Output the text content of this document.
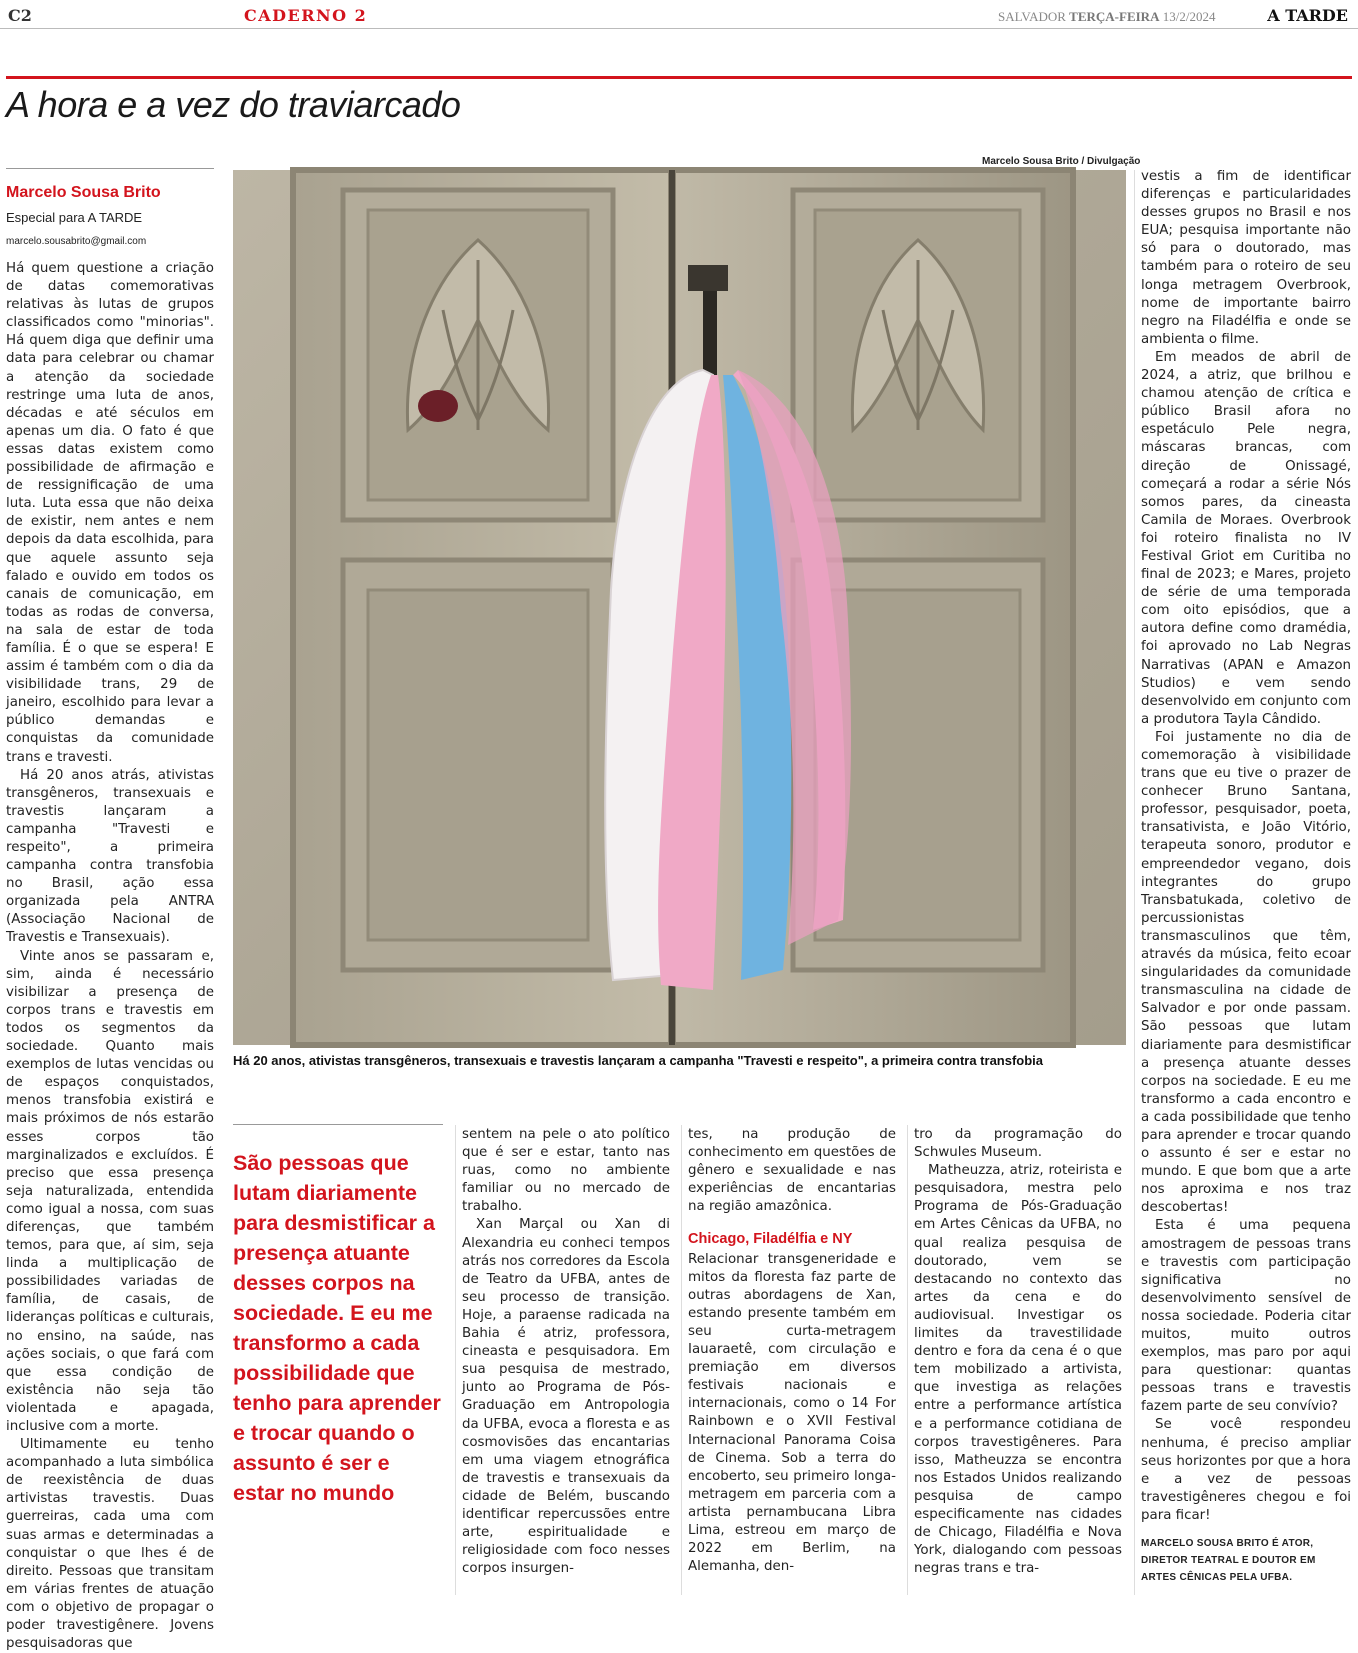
C2	CADERNO 2	SALVADOR TERÇA-FEIRA 13/2/2024	A TARDE
A hora e a vez do traviarcado
Marcelo Sousa Brito
Especial para A TARDE
marcelo.sousabrito@gmail.com

Há quem questione a criação de datas comemorativas relativas às lutas de grupos classificados como "minorias". Há quem diga que definir uma data para celebrar ou chamar a atenção da sociedade restringe uma luta de anos, décadas e até séculos em apenas um dia. O fato é que essas datas existem como possibilidade de afirmação e de ressignificação de uma luta. Luta essa que não deixa de existir, nem antes e nem depois da data escolhida, para que aquele assunto seja falado e ouvido em todos os canais de comunicação, em todas as rodas de conversa, na sala de estar de toda família. É o que se espera! E assim é também com o dia da visibilidade trans, 29 de janeiro, escolhido para levar a público demandas e conquistas da comunidade trans e travesti.

Há 20 anos atrás, ativistas transgêneros, transexuais e travestis lançaram a campanha "Travesti e respeito", a primeira campanha contra transfobia no Brasil, ação essa organizada pela ANTRA (Associação Nacional de Travestis e Transexuais).

Vinte anos se passaram e, sim, ainda é necessário visibilizar a presença de corpos trans e travestis em todos os segmentos da sociedade. Quanto mais exemplos de lutas vencidas ou de espaços conquistados, menos transfobia existirá e mais próximos de nós estarão esses corpos tão marginalizados e excluídos. É preciso que essa presença seja naturalizada, entendida como igual a nossa, com suas diferenças, que também temos, para que, aí sim, seja linda a multiplicação de possibilidades variadas de família, de casais, de lideranças políticas e culturais, no ensino, na saúde, nas ações sociais, o que fará com que essa condição de existência não seja tão violentada e apagada, inclusive com a morte.

Ultimamente eu tenho acompanhado a luta simbólica de reexistência de duas artivistas travestis. Duas guerreiras, cada uma com suas armas e determinadas a conquistar o que lhes é de direito. Pessoas que transitam em várias frentes de atuação com o objetivo de propagar o poder travestigênere. Jovens pesquisadoras que

Marcelo Sousa Brito / Divulgação
Há 20 anos, ativistas transgêneros, transexuais e travestis lançaram a campanha "Travesti e respeito", a primeira contra transfobia
São pessoas que lutam diariamente para desmistificar a presença atuante desses corpos na sociedade. E eu me transformo a cada possibilidade que tenho para aprender e trocar quando o assunto é ser e estar no mundo

sentem na pele o ato político que é ser e estar, tanto nas ruas, como no ambiente familiar ou no mercado de trabalho.

Xan Marçal ou Xan di Alexandria eu conheci tempos atrás nos corredores da Escola de Teatro da UFBA, antes de seu processo de transição. Hoje, a paraense radicada na Bahia é atriz, professora, cineasta e pesquisadora. Em sua pesquisa de mestrado, junto ao Programa de Pós-Graduação em Antropologia da UFBA, evoca a floresta e as cosmovisões das encantarias em uma viagem etnográfica de travestis e transexuais da cidade de Belém, buscando identificar repercussões entre arte, espiritualidade e religiosidade com foco nesses corpos insurgen-

tes, na produção de conhecimento em questões de gênero e sexualidade e nas experiências de encantarias na região amazônica.

Chicago, Filadélfia e NY

Relacionar transgeneridade e mitos da floresta faz parte de outras abordagens de Xan, estando presente também em seu curta-metragem Iauaraetê, com circulação e premiação em diversos festivais nacionais e internacionais, como o 14 For Rainbown e o XVII Festival Internacional Panorama Coisa de Cinema. Sob a terra do encoberto, seu primeiro longa-metragem em parceria com a artista pernambucana Libra Lima, estreou em março de 2022 em Berlim, na Alemanha, den-

tro da programação do Schwules Museum.

Matheuzza, atriz, roteirista e pesquisadora, mestra pelo Programa de Pós-Graduação em Artes Cênicas da UFBA, no qual realiza pesquisa de doutorado, vem se destacando no contexto das artes da cena e do audiovisual. Investigar os limites da travestilidade dentro e fora da cena é o que tem mobilizado a artivista, que investiga as relações entre a performance artística e a performance cotidiana de corpos travestigêneres. Para isso, Matheuzza se encontra nos Estados Unidos realizando pesquisa de campo especificamente nas cidades de Chicago, Filadélfia e Nova York, dialogando com pessoas negras trans e tra-

vestis a fim de identificar diferenças e particularidades desses grupos no Brasil e nos EUA; pesquisa importante não só para o doutorado, mas também para o roteiro de seu longa metragem Overbrook, nome de importante bairro negro na Filadélfia e onde se ambienta o filme.

Em meados de abril de 2024, a atriz, que brilhou e chamou atenção de crítica e público Brasil afora no espetáculo Pele negra, máscaras brancas, com direção de Onissagé, começará a rodar a série Nós somos pares, da cineasta Camila de Moraes. Overbrook foi roteiro finalista no IV Festival Griot em Curitiba no final de 2023; e Mares, projeto de série de uma temporada com oito episódios, que a autora define como dramédia, foi aprovado no Lab Negras Narrativas (APAN e Amazon Studios) e vem sendo desenvolvido em conjunto com a produtora Tayla Cândido.

Foi justamente no dia de comemoração à visibilidade trans que eu tive o prazer de conhecer Bruno Santana, professor, pesquisador, poeta, transativista, e João Vitório, terapeuta sonoro, produtor e empreendedor vegano, dois integrantes do grupo Transbatukada, coletivo de percussionistas transmasculinos que têm, através da música, feito ecoar singularidades da comunidade transmasculina na cidade de Salvador e por onde passam. São pessoas que lutam diariamente para desmistificar a presença atuante desses corpos na sociedade. E eu me transformo a cada encontro e a cada possibilidade que tenho para aprender e trocar quando o assunto é ser e estar no mundo. E que bom que a arte nos aproxima e nos traz descobertas!

Esta é uma pequena amostragem de pessoas trans e travestis com participação significativa no desenvolvimento sensível de nossa sociedade. Poderia citar muitos, muito outros exemplos, mas paro por aqui para questionar: quantas pessoas trans e travestis fazem parte de seu convívio?

Se você respondeu nenhuma, é preciso ampliar seus horizontes por que a hora e a vez de pessoas travestigêneres chegou e foi para ficar!

MARCELO SOUSA BRITO É ATOR, DIRETOR TEATRAL E DOUTOR EM ARTES CÊNICAS PELA UFBA.
